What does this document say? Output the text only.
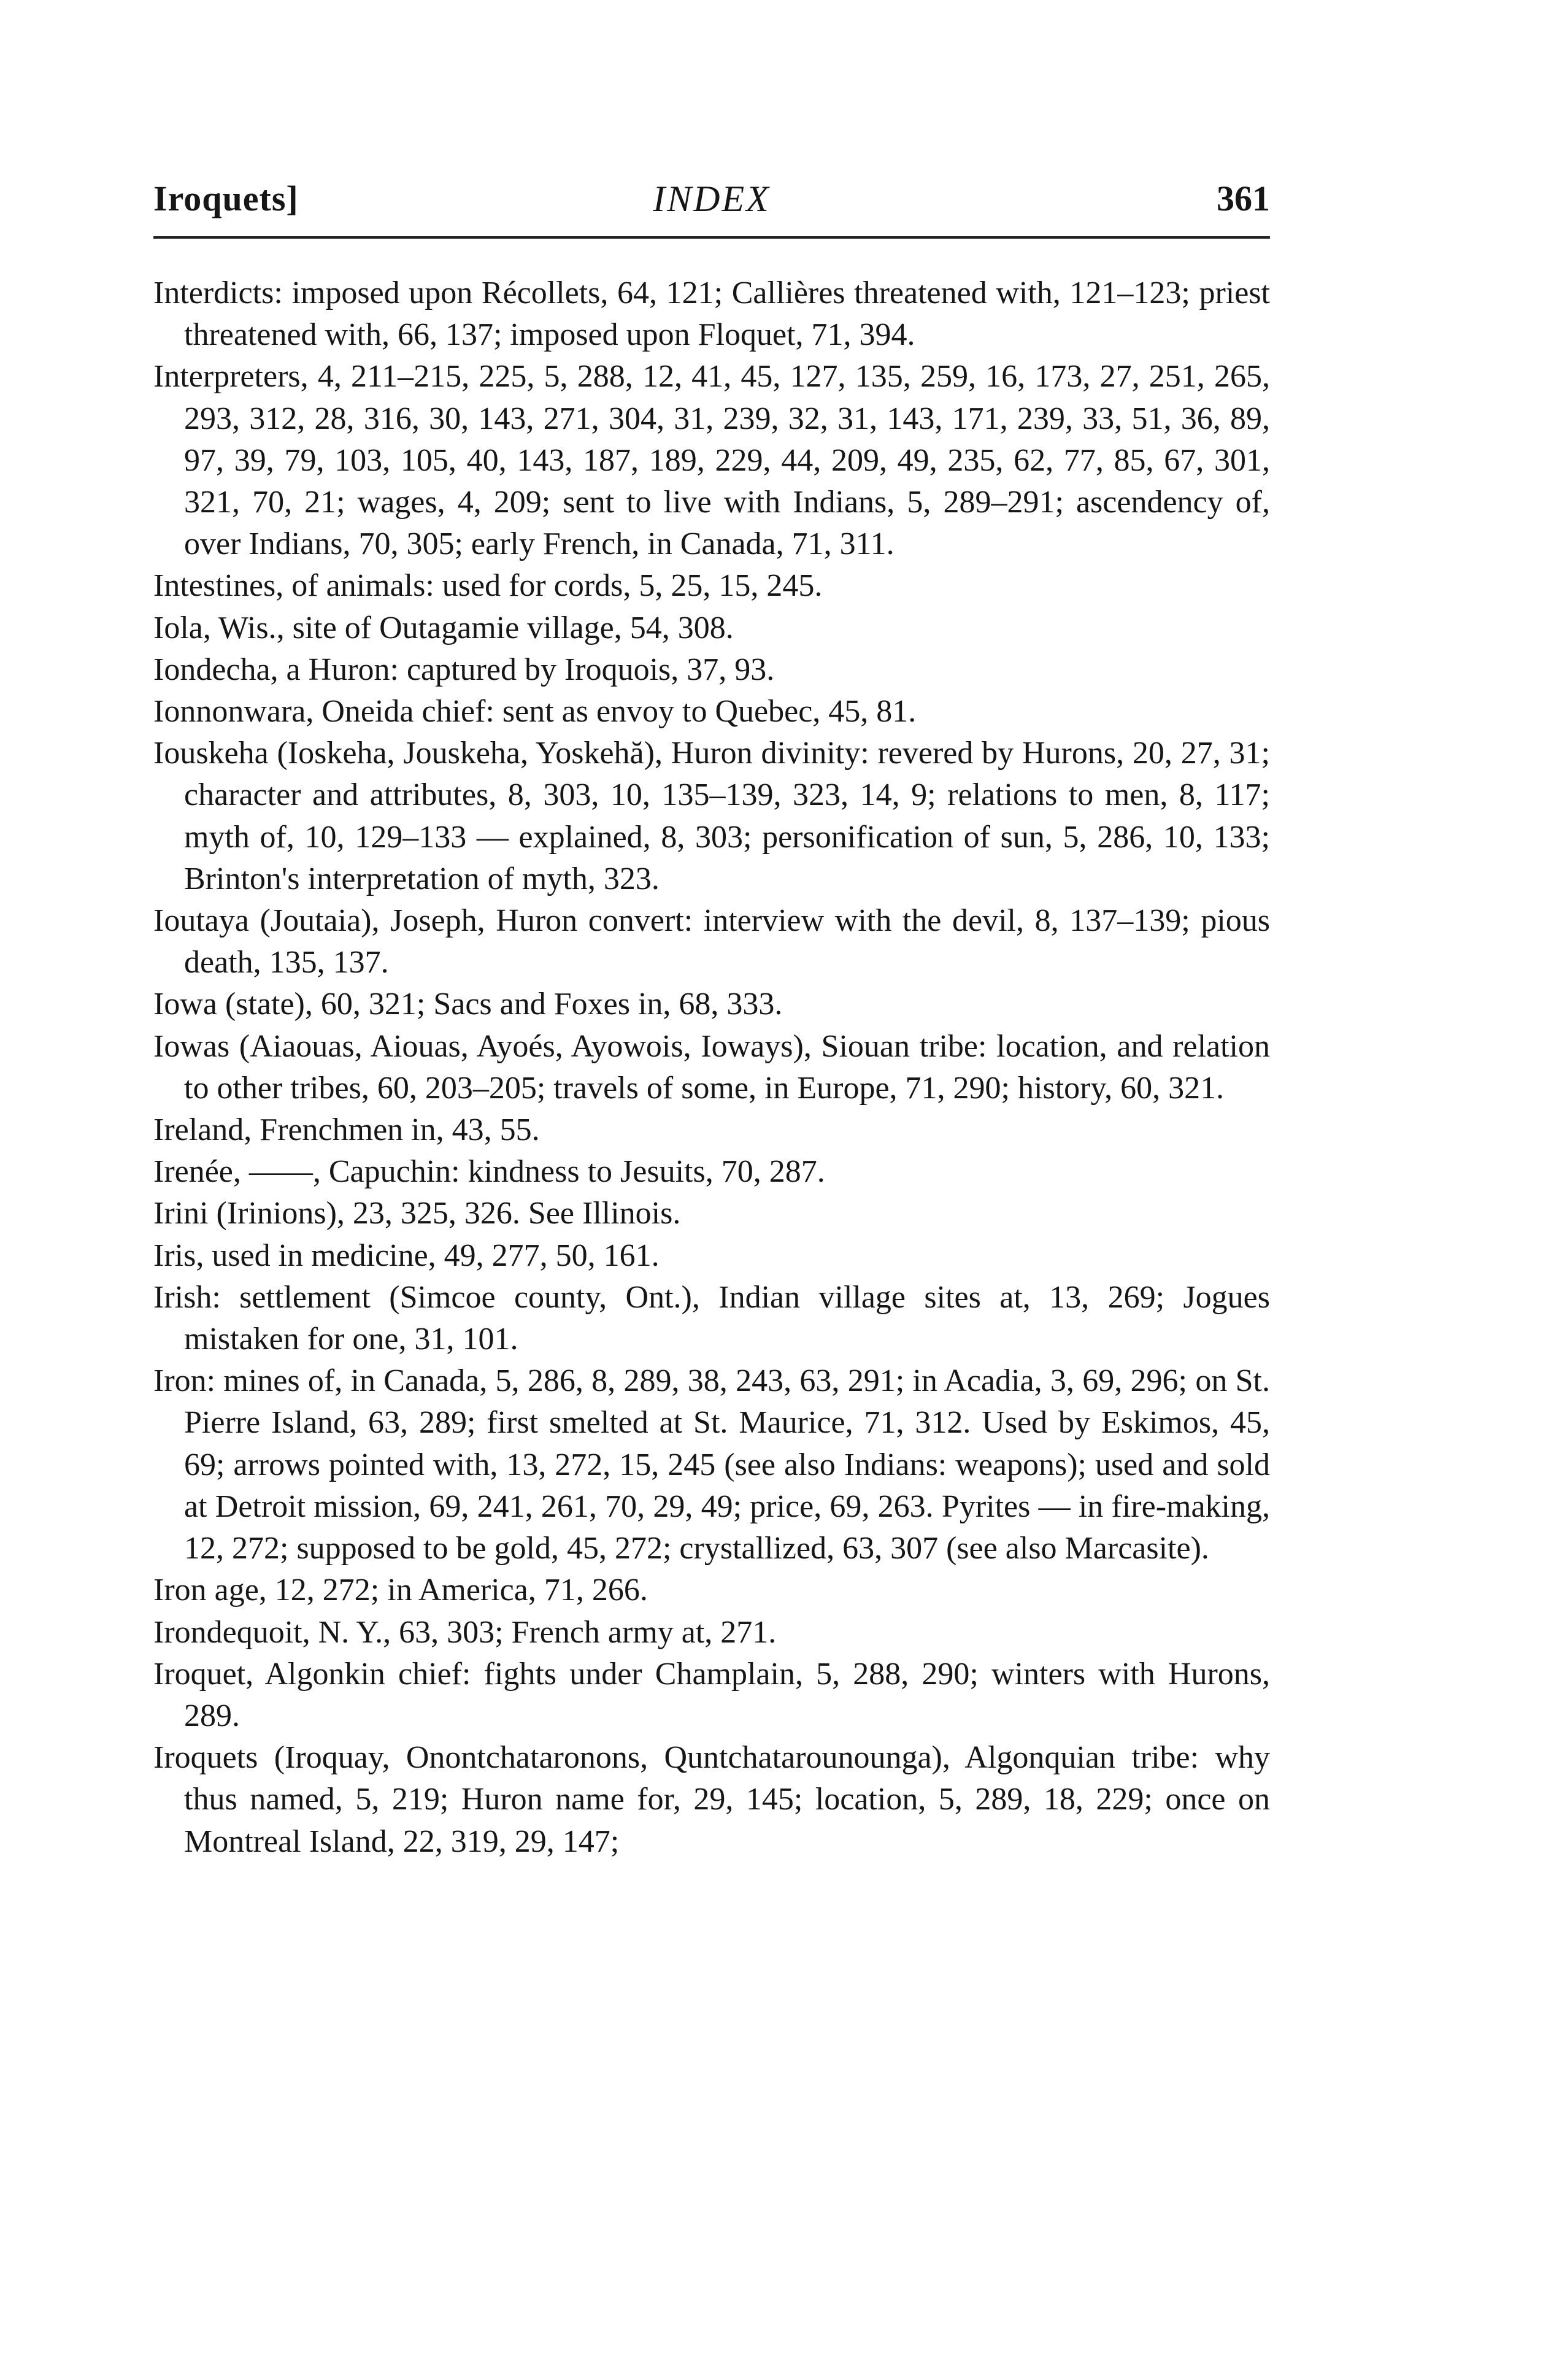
Iroquets]	INDEX	361

Interdicts: imposed upon Récollets, 64, 121; Callières threatened with, 121–123; priest threatened with, 66, 137; imposed upon Floquet, 71, 394.

Interpreters, 4, 211–215, 225, 5, 288, 12, 41, 45, 127, 135, 259, 16, 173, 27, 251, 265, 293, 312, 28, 316, 30, 143, 271, 304, 31, 239, 32, 31, 143, 171, 239, 33, 51, 36, 89, 97, 39, 79, 103, 105, 40, 143, 187, 189, 229, 44, 209, 49, 235, 62, 77, 85, 67, 301, 321, 70, 21; wages, 4, 209; sent to live with Indians, 5, 289–291; ascendency of, over Indians, 70, 305; early French, in Canada, 71, 311.

Intestines, of animals: used for cords, 5, 25, 15, 245.

Iola, Wis., site of Outagamie village, 54, 308.

Iondecha, a Huron: captured by Iroquois, 37, 93.

Ionnonwara, Oneida chief: sent as envoy to Quebec, 45, 81.

Iouskeha (Ioskeha, Jouskeha, Yoskehă), Huron divinity: revered by Hurons, 20, 27, 31; character and attributes, 8, 303, 10, 135–139, 323, 14, 9; relations to men, 8, 117; myth of, 10, 129–133 — explained, 8, 303; personification of sun, 5, 286, 10, 133; Brinton's interpretation of myth, 323.

Ioutaya (Joutaia), Joseph, Huron convert: interview with the devil, 8, 137–139; pious death, 135, 137.

Iowa (state), 60, 321; Sacs and Foxes in, 68, 333.

Iowas (Aiaouas, Aiouas, Ayoés, Ayowois, Ioways), Siouan tribe: location, and relation to other tribes, 60, 203–205; travels of some, in Europe, 71, 290; history, 60, 321.

Ireland, Frenchmen in, 43, 55.

Irenée, ——, Capuchin: kindness to Jesuits, 70, 287.

Irini (Irinions), 23, 325, 326. See Illinois.

Iris, used in medicine, 49, 277, 50, 161.

Irish: settlement (Simcoe county, Ont.), Indian village sites at, 13, 269; Jogues mistaken for one, 31, 101.

Iron: mines of, in Canada, 5, 286, 8, 289, 38, 243, 63, 291; in Acadia, 3, 69, 296; on St. Pierre Island, 63, 289; first smelted at St. Maurice, 71, 312. Used by Eskimos, 45, 69; arrows pointed with, 13, 272, 15, 245 (see also Indians: weapons); used and sold at Detroit mission, 69, 241, 261, 70, 29, 49; price, 69, 263. Pyrites — in fire-making, 12, 272; supposed to be gold, 45, 272; crystallized, 63, 307 (see also Marcasite).

Iron age, 12, 272; in America, 71, 266.

Irondequoit, N. Y., 63, 303; French army at, 271.

Iroquet, Algonkin chief: fights under Champlain, 5, 288, 290; winters with Hurons, 289.

Iroquets (Iroquay, Onontchataronons, Quntchatarounounga), Algonquian tribe: why thus named, 5, 219; Huron name for, 29, 145; location, 5, 289, 18, 229; once on Montreal Island, 22, 319, 29, 147;
